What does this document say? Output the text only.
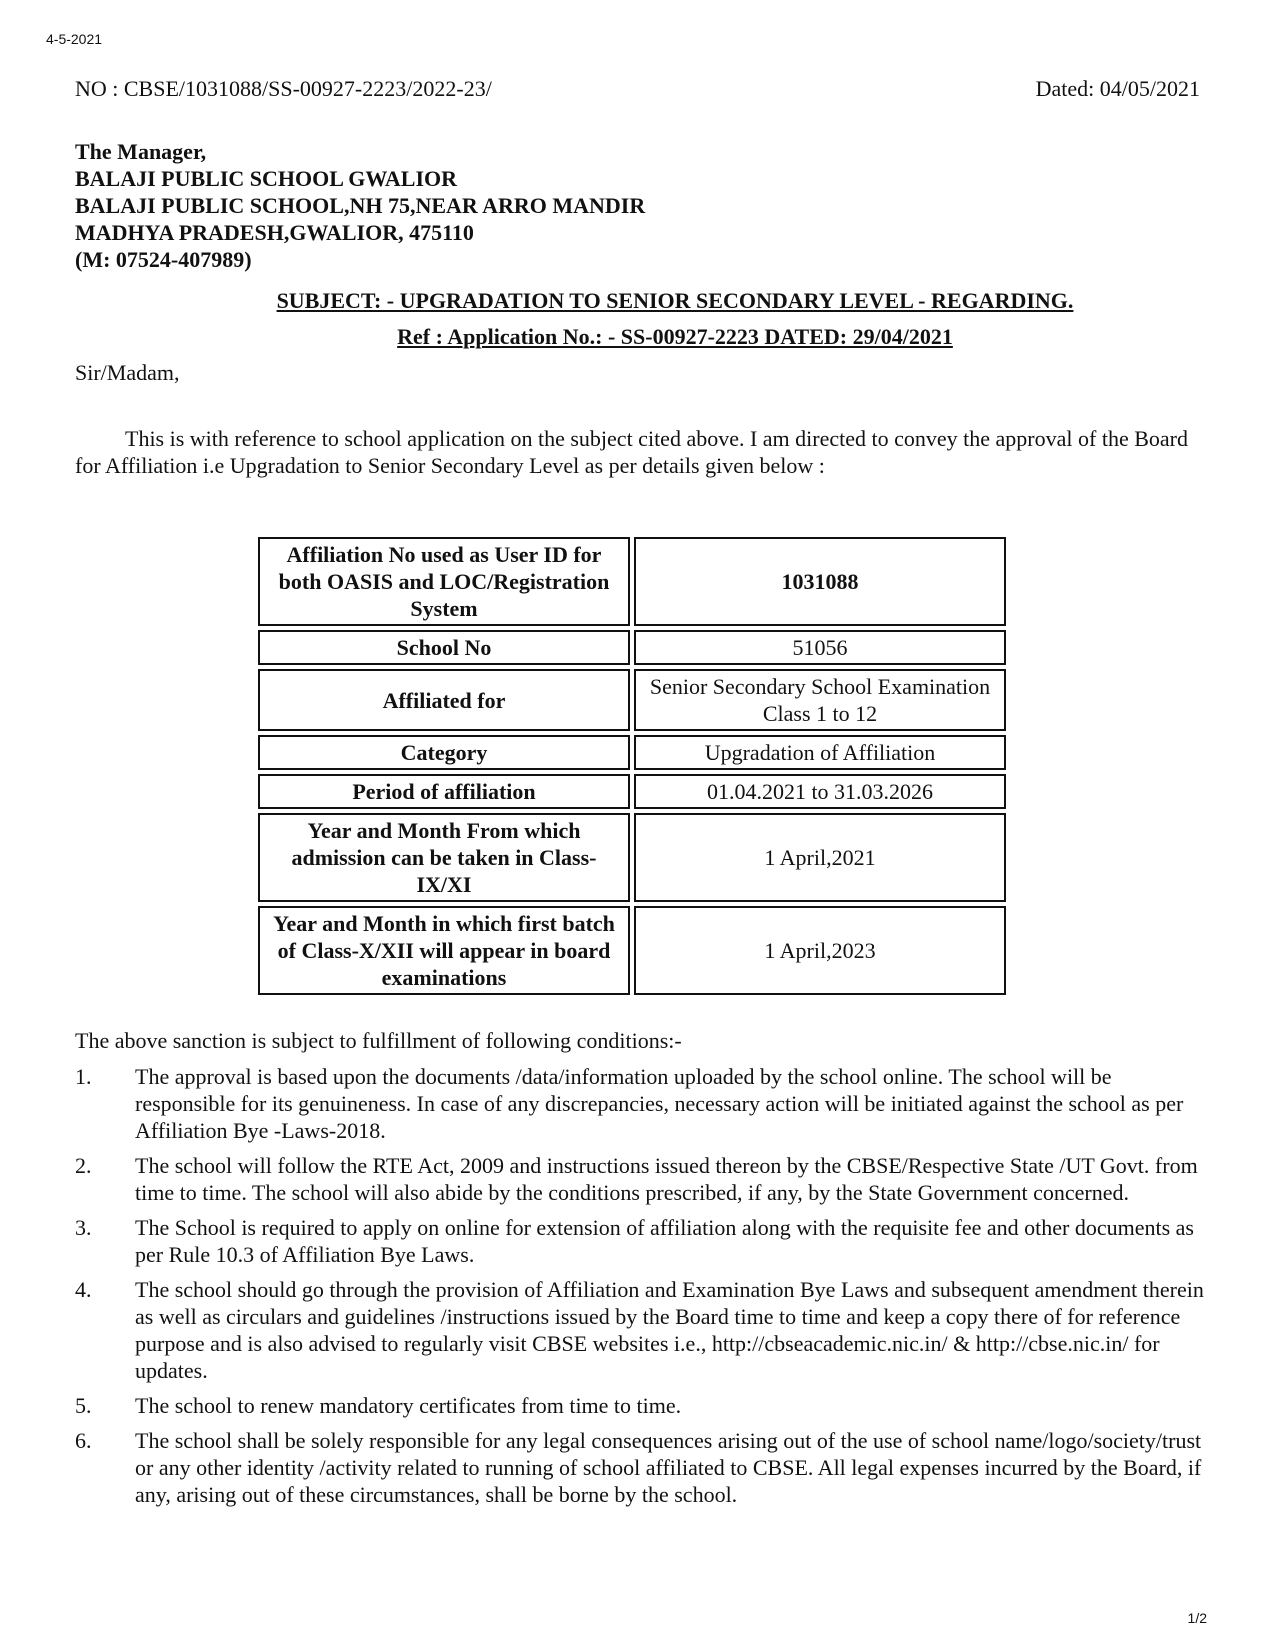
4-5-2021
NO : CBSE/1031088/SS-00927-2223/2022-23/	Dated: 04/05/2021
The Manager,
BALAJI PUBLIC SCHOOL GWALIOR
BALAJI PUBLIC SCHOOL,NH 75,NEAR ARRO MANDIR
MADHYA PRADESH,GWALIOR, 475110
(M: 07524-407989)
SUBJECT: - UPGRADATION TO SENIOR SECONDARY LEVEL - REGARDING.
Ref : Application No.: - SS-00927-2223 DATED: 29/04/2021
Sir/Madam,
This is with reference to school application on the subject cited above. I am directed to convey the approval of the Board for Affiliation i.e Upgradation to Senior Secondary Level as per details given below :
Affiliation No used as User ID for both OASIS and LOC/Registration System	1031088
School No	51056
Affiliated for	Senior Secondary School Examination Class 1 to 12
Category	Upgradation of Affiliation
Period of affiliation	01.04.2021 to 31.03.2026
Year and Month From which admission can be taken in Class-IX/XI	1 April,2021
Year and Month in which first batch of Class-X/XII will appear in board examinations	1 April,2023
The above sanction is subject to fulfillment of following conditions:-
1. The approval is based upon the documents /data/information uploaded by the school online. The school will be responsible for its genuineness. In case of any discrepancies, necessary action will be initiated against the school as per Affiliation Bye -Laws-2018.
2. The school will follow the RTE Act, 2009 and instructions issued thereon by the CBSE/Respective State /UT Govt. from time to time. The school will also abide by the conditions prescribed, if any, by the State Government concerned.
3. The School is required to apply on online for extension of affiliation along with the requisite fee and other documents as per Rule 10.3 of Affiliation Bye Laws.
4. The school should go through the provision of Affiliation and Examination Bye Laws and subsequent amendment therein as well as circulars and guidelines /instructions issued by the Board time to time and keep a copy there of for reference purpose and is also advised to regularly visit CBSE websites i.e., http://cbseacademic.nic.in/ & http://cbse.nic.in/ for updates.
5. The school to renew mandatory certificates from time to time.
6. The school shall be solely responsible for any legal consequences arising out of the use of school name/logo/society/trust or any other identity /activity related to running of school affiliated to CBSE. All legal expenses incurred by the Board, if any, arising out of these circumstances, shall be borne by the school.
1/2
